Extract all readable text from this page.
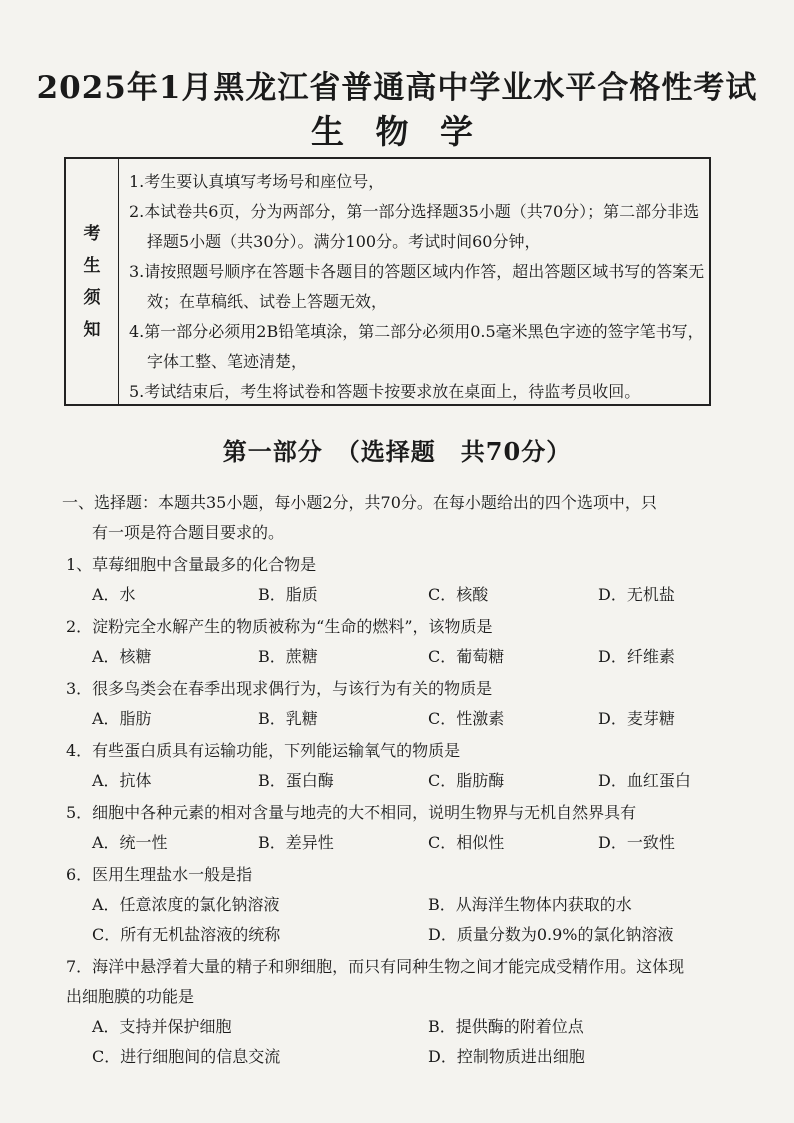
2025年1月黑龙江省普通高中学业水平合格性考试
生 物 学
考
生
须
知
1.考生要认真填写考场号和座位号，
2.本试卷共6页，分为两部分，第一部分选择题35小题（共70分）；第二部分非选择题5小题（共30分）。满分100分。考试时间60分钟，
3.请按照题号顺序在答题卡各题目的答题区域内作答，超出答题区域书写的答案无效；在草稿纸、试卷上答题无效，
4.第一部分必须用2B铅笔填涂，第二部分必须用0.5毫米黑色字迹的签字笔书写，字体工整、笔迹清楚，
5.考试结束后，考生将试卷和答题卡按要求放在桌面上，待监考员收回。
第一部分　（选择题　共70分）
一、选择题：本题共35小题，每小题2分，共70分。在每小题给出的四个选项中，只
有一项是符合题目要求的。
1、草莓细胞中含量最多的化合物是
A．水	B．脂质	C．核酸	D．无机盐
2．淀粉完全水解产生的物质被称为“生命的燃料”，该物质是
A．核糖	B．蔗糖	C．葡萄糖	D．纤维素
3．很多鸟类会在春季出现求偶行为，与该行为有关的物质是
A．脂肪	B．乳糖	C．性激素	D．麦芽糖
4．有些蛋白质具有运输功能，下列能运输氧气的物质是
A．抗体	B．蛋白酶	C．脂肪酶	D．血红蛋白
5．细胞中各种元素的相对含量与地壳的大不相同，说明生物界与无机自然界具有
A．统一性	B．差异性	C．相似性	D．一致性
6．医用生理盐水一般是指
A．任意浓度的氯化钠溶液	B．从海洋生物体内获取的水
C．所有无机盐溶液的统称	D．质量分数为0.9%的氯化钠溶液
7．海洋中悬浮着大量的精子和卵细胞，而只有同种生物之间才能完成受精作用。这体现
出细胞膜的功能是
A．支持并保护细胞	B．提供酶的附着位点
C．进行细胞间的信息交流	D．控制物质进出细胞
